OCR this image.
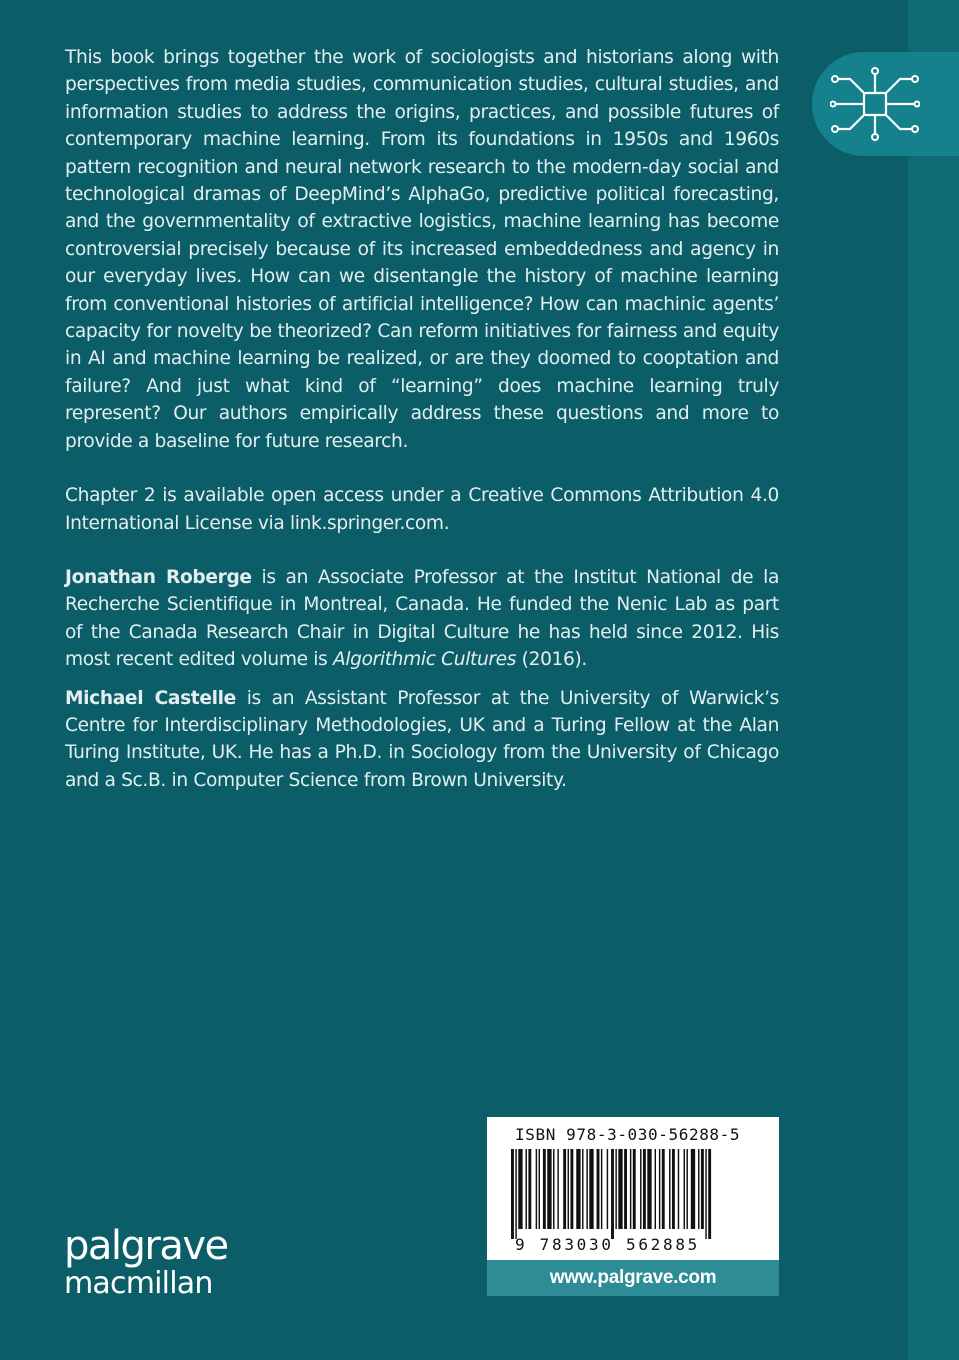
This book brings together the work of sociologists and historians along with perspectives from media studies, communication studies, cultural studies, and information studies to address the origins, practices, and possible futures of contemporary machine learning. From its foundations in 1950s and 1960s pattern recognition and neural network research to the modern-day social and technological dramas of DeepMind’s AlphaGo, predictive political forecasting, and the governmentality of extractive logistics, machine learning has become controversial precisely because of its increased embeddedness and agency in our everyday lives. How can we disentangle the history of machine learning from conventional histories of artificial intelligence? How can machinic agents’ capacity for novelty be theorized? Can reform initiatives for fairness and equity in AI and machine learning be realized, or are they doomed to cooptation and failure? And just what kind of “learning” does machine learning truly represent? Our authors empirically address these questions and more to provide a baseline for future research.

Chapter 2 is available open access under a Creative Commons Attribution 4.0 International License via link.springer.com.

Jonathan Roberge is an Associate Professor at the Institut National de la Recherche Scientifique in Montreal, Canada. He funded the Nenic Lab as part of the Canada Research Chair in Digital Culture he has held since 2012. His most recent edited volume is Algorithmic Cultures (2016).

Michael Castelle is an Assistant Professor at the University of Warwick’s Centre for Interdisciplinary Methodologies, UK and a Turing Fellow at the Alan Turing Institute, UK. He has a Ph.D. in Sociology from the University of Chicago and a Sc.B. in Computer Science from Brown University.

ISBN 978-3-030-56288-5
9 783030 562885
www.palgrave.com
palgrave
macmillan
